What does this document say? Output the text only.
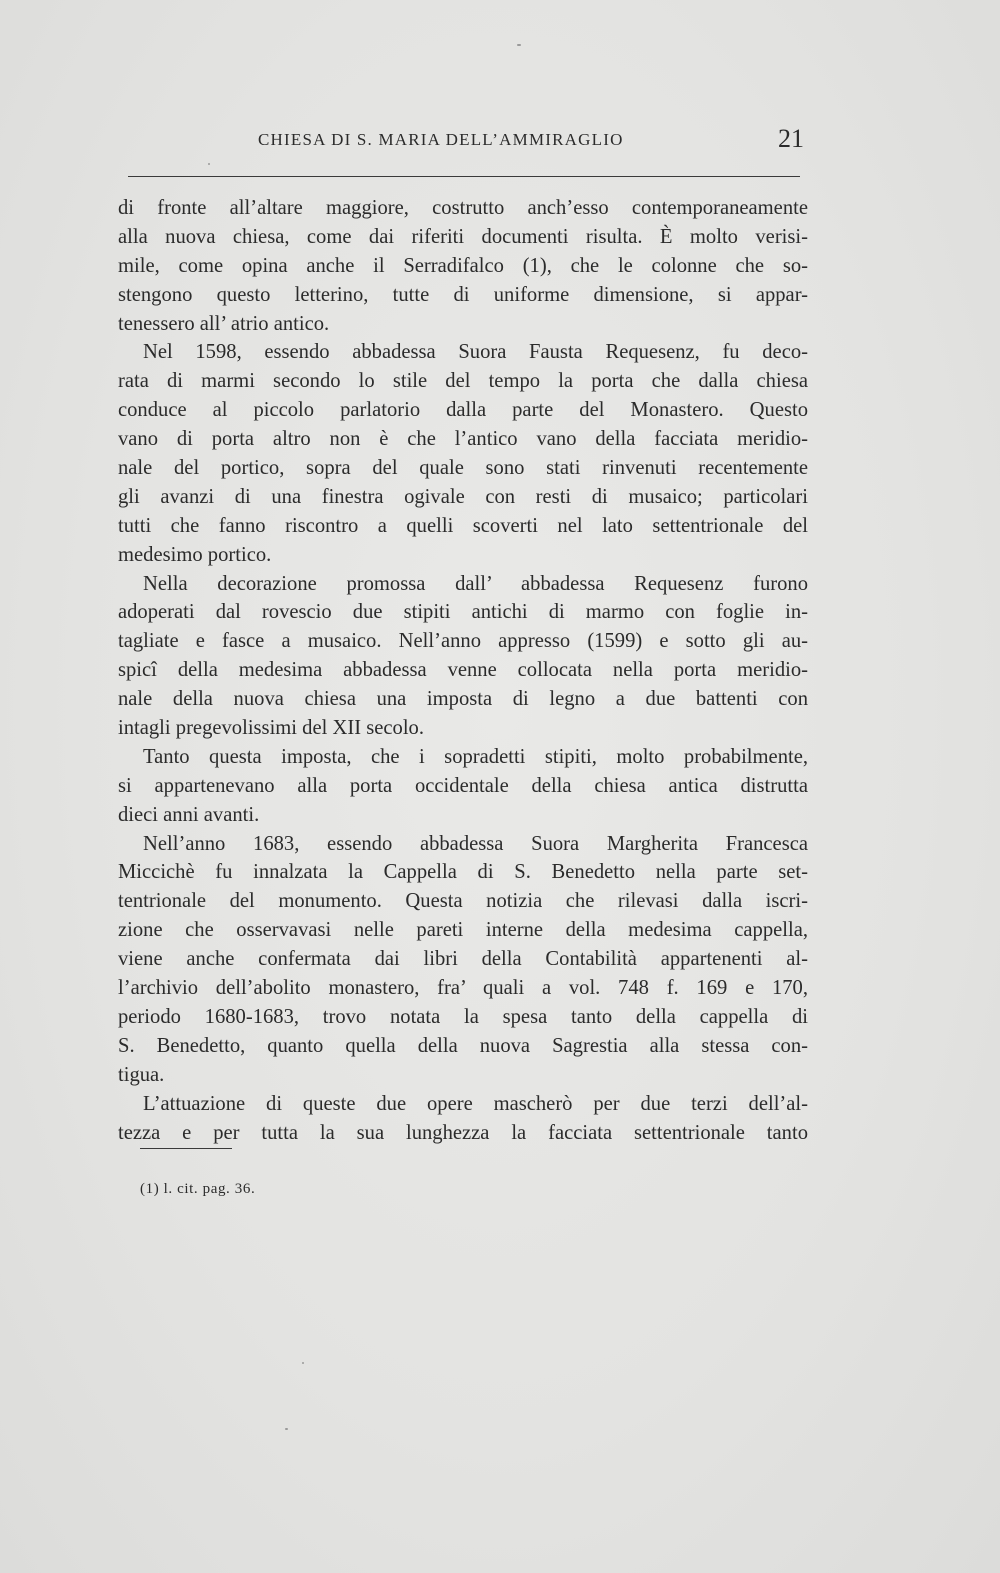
CHIESA DI S. MARIA DELL’AMMIRAGLIO	21
di fronte all’altare maggiore, costrutto anch’esso contemporaneamente
alla nuova chiesa, come dai riferiti documenti risulta. È molto verisi-
mile, come opina anche il Serradifalco (1), che le colonne che so-
stengono questo letterino, tutte di uniforme dimensione, si appar-
tenessero all’ atrio antico.
Nel 1598, essendo abbadessa Suora Fausta Requesenz, fu deco-
rata di marmi secondo lo stile del tempo la porta che dalla chiesa
conduce al piccolo parlatorio dalla parte del Monastero. Questo
vano di porta altro non è che l’antico vano della facciata meridio-
nale del portico, sopra del quale sono stati rinvenuti recentemente
gli avanzi di una finestra ogivale con resti di musaico; particolari
tutti che fanno riscontro a quelli scoverti nel lato settentrionale del
medesimo portico.
Nella decorazione promossa dall’ abbadessa Requesenz furono
adoperati dal rovescio due stipiti antichi di marmo con foglie in-
tagliate e fasce a musaico. Nell’anno appresso (1599) e sotto gli au-
spicî della medesima abbadessa venne collocata nella porta meridio-
nale della nuova chiesa una imposta di legno a due battenti con
intagli pregevolissimi del XII secolo.
Tanto questa imposta, che i sopradetti stipiti, molto probabilmente,
si appartenevano alla porta occidentale della chiesa antica distrutta
dieci anni avanti.
Nell’anno 1683, essendo abbadessa Suora Margherita Francesca
Miccichè fu innalzata la Cappella di S. Benedetto nella parte set-
tentrionale del monumento. Questa notizia che rilevasi dalla iscri-
zione che osservavasi nelle pareti interne della medesima cappella,
viene anche confermata dai libri della Contabilità appartenenti al-
l’archivio dell’abolito monastero, fra’ quali a vol. 748 f. 169 e 170,
periodo 1680-1683, trovo notata la spesa tanto della cappella di
S. Benedetto, quanto quella della nuova Sagrestia alla stessa con-
tigua.
L’attuazione di queste due opere mascherò per due terzi dell’al-
tezza e per tutta la sua lunghezza la facciata settentrionale tanto
(1) l. cit. pag. 36.
